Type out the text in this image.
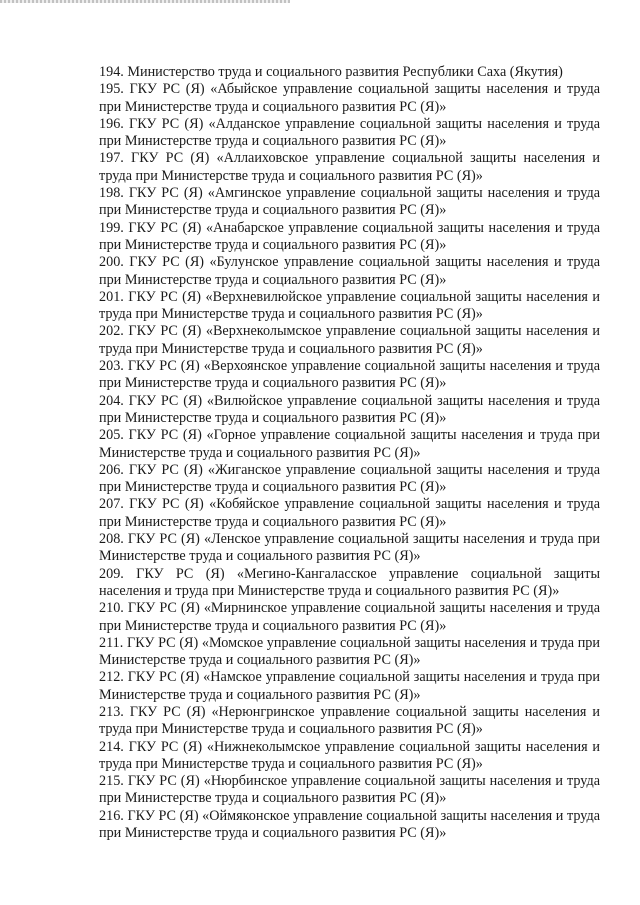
194. Министерство труда и социального развития Республики Саха (Якутия)

195. ГКУ РС (Я) «Абыйское управление социальной защиты населения и труда при Министерстве труда и социального развития РС (Я)»

196. ГКУ РС (Я) «Алданское управление социальной защиты населения и труда при Министерстве труда и социального развития РС (Я)»

197. ГКУ РС (Я) «Аллаиховское управление социальной защиты населения и труда при Министерстве труда и социального развития РС (Я)»

198. ГКУ РС (Я) «Амгинское управление социальной защиты населения и труда при Министерстве труда и социального развития РС (Я)»

199. ГКУ РС (Я) «Анабарское управление социальной защиты населения и труда при Министерстве труда и социального развития РС (Я)»

200. ГКУ РС (Я) «Булунское управление социальной защиты населения и труда при Министерстве труда и социального развития РС (Я)»

201. ГКУ РС (Я) «Верхневилюйское управление социальной защиты населения и труда при Министерстве труда и социального развития РС (Я)»

202. ГКУ РС (Я) «Верхнеколымское управление социальной защиты населения и труда при Министерстве труда и социального развития РС (Я)»

203. ГКУ РС (Я) «Верхоянское управление социальной защиты населения и труда при Министерстве труда и социального развития РС (Я)»

204. ГКУ РС (Я) «Вилюйское управление социальной защиты населения и труда при Министерстве труда и социального развития РС (Я)»

205. ГКУ РС (Я) «Горное управление социальной защиты населения и труда при Министерстве труда и социального развития РС (Я)»

206. ГКУ РС (Я) «Жиганское управление социальной защиты населения и труда при Министерстве труда и социального развития РС (Я)»

207. ГКУ РС (Я) «Кобяйское управление социальной защиты населения и труда при Министерстве труда и социального развития РС (Я)»

208. ГКУ РС (Я) «Ленское управление социальной защиты населения и труда при Министерстве труда и социального развития РС (Я)»

209. ГКУ РС (Я) «Мегино-Кангаласское управление социальной защиты населения и труда при Министерстве труда и социального развития РС (Я)»

210. ГКУ РС (Я) «Мирнинское управление социальной защиты населения и труда при Министерстве труда и социального развития РС (Я)»

211. ГКУ РС (Я) «Момское управление социальной защиты населения и труда при Министерстве труда и социального развития РС (Я)»

212. ГКУ РС (Я) «Намское управление социальной защиты населения и труда при Министерстве труда и социального развития РС (Я)»

213. ГКУ РС (Я) «Нерюнгринское управление социальной защиты населения и труда при Министерстве труда и социального развития РС (Я)»

214. ГКУ РС (Я) «Нижнеколымское управление социальной защиты населения и труда при Министерстве труда и социального развития РС (Я)»

215. ГКУ РС (Я) «Нюрбинское управление социальной защиты населения и труда при Министерстве труда и социального развития РС (Я)»

216. ГКУ РС (Я) «Оймяконское управление социальной защиты населения и труда при Министерстве труда и социального развития РС (Я)»
